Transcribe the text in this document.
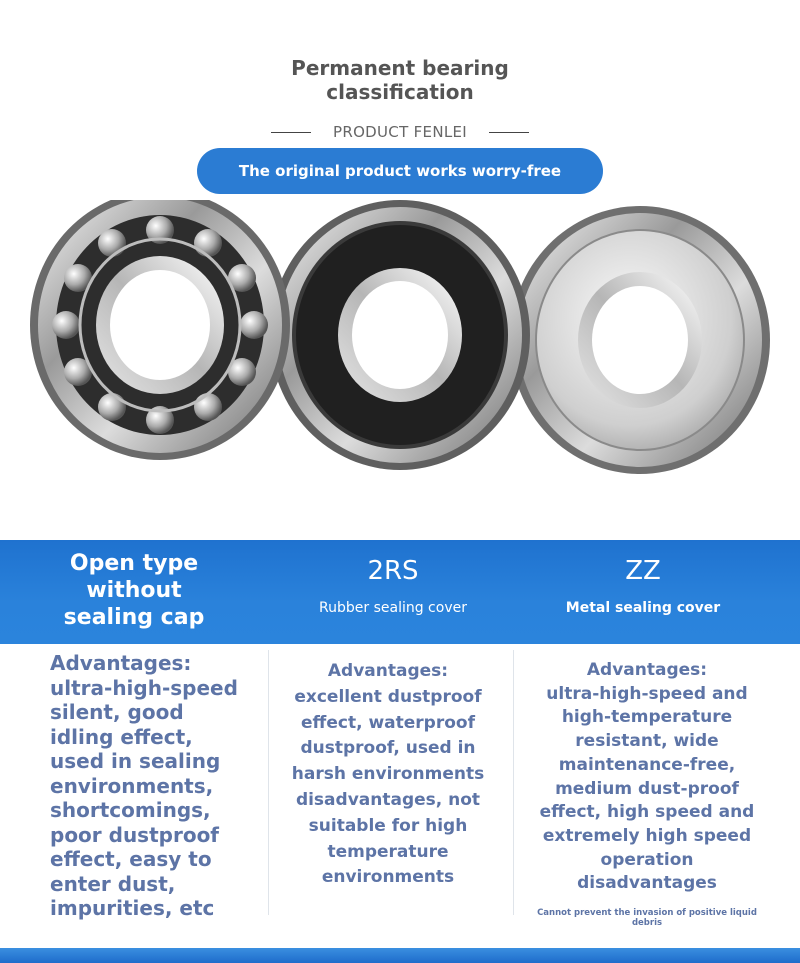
Permanent bearing
classification
PRODUCT FENLEI
The original product works worry-free
Open type
without
sealing cap
2RS
Rubber sealing cover
ZZ
Metal sealing cover
Advantages:
ultra-high-speed
silent, good
idling effect,
used in sealing
environments,
shortcomings,
poor dustproof
effect, easy to
enter dust,
impurities, etc
Advantages:
excellent dustproof
effect, waterproof
dustproof, used in
harsh environments
disadvantages, not
suitable for high
temperature
environments
Advantages:
ultra-high-speed and
high-temperature
resistant, wide
maintenance-free,
medium dust-proof
effect, high speed and
extremely high speed
operation
disadvantages
Cannot prevent the invasion of positive liquid
debris
